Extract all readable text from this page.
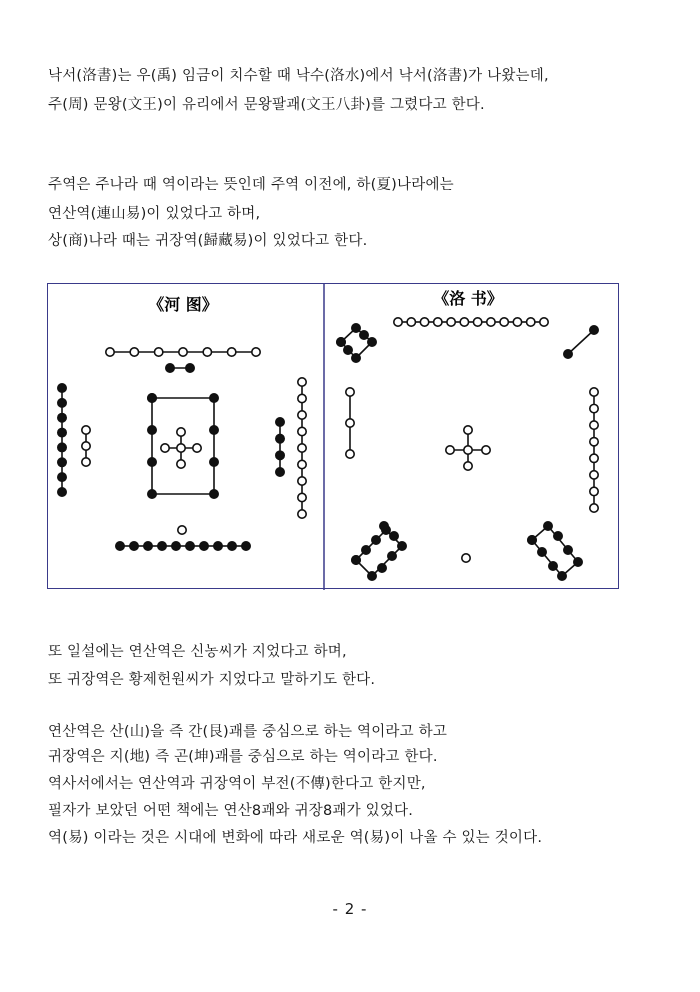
낙서(洛書)는 우(禹) 임금이 치수할 때 낙수(洛水)에서 낙서(洛書)가 나왔는데,
주(周) 문왕(文王)이 유리에서 문왕팔괘(文王八卦)를 그렸다고 한다.
주역은 주나라 때 역이라는 뜻인데 주역 이전에, 하(夏)나라에는
연산역(連山易)이 있었다고 하며,
상(商)나라 때는 귀장역(歸藏易)이 있었다고 한다.
《河 图》	《洛 书》
또 일설에는 연산역은 신농씨가 지었다고 하며,
또 귀장역은 황제헌원씨가 지었다고 말하기도 한다.
연산역은 산(山)을 즉 간(艮)괘를 중심으로 하는 역이라고 하고
귀장역은 지(地) 즉 곤(坤)괘를 중심으로 하는 역이라고 한다.
역사서에서는 연산역과 귀장역이 부전(不傳)한다고 한지만,
필자가 보았던 어떤 책에는 연산8괘와 귀장8괘가 있었다.
역(易) 이라는 것은 시대에 변화에 따라 새로운 역(易)이 나올 수 있는 것이다.
- 2 -
